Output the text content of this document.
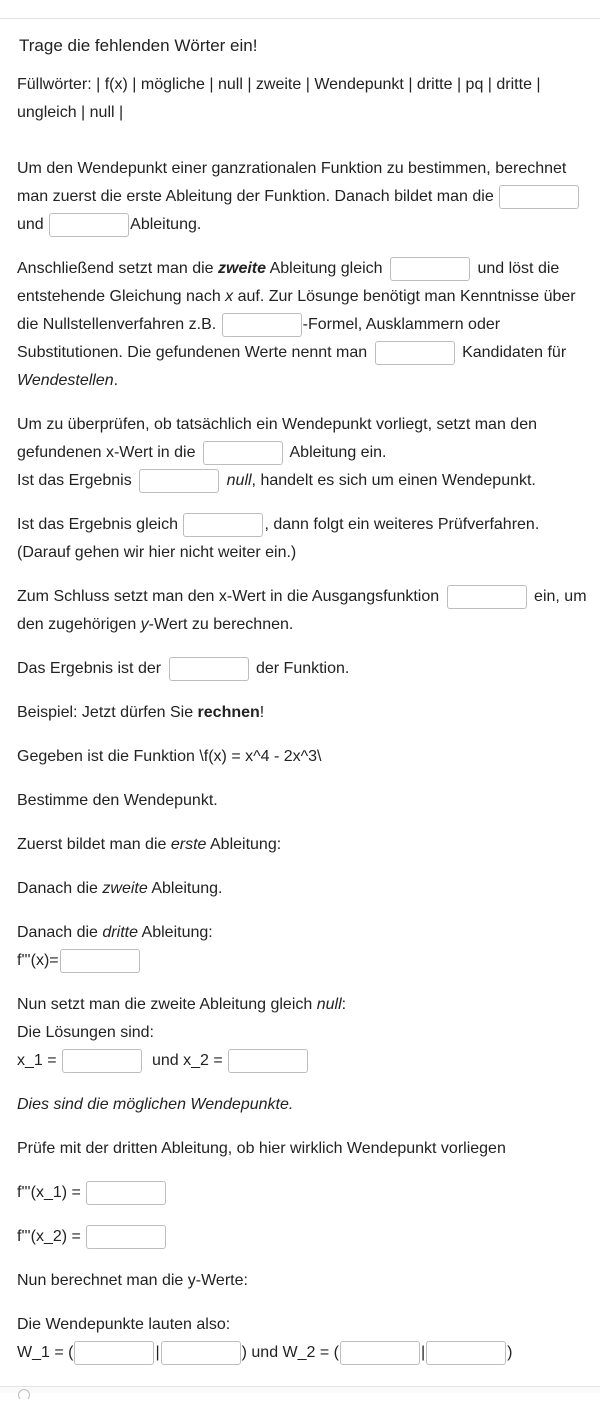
Trage die fehlenden Wörter ein!
Füllwörter: | f(x) | mögliche | null | zweite | Wendepunkt | dritte | pq | dritte | ungleich | null |
Um den Wendepunkt einer ganzrationalen Funktion zu bestimmen, berechnet man zuerst die erste Ableitung der Funktion. Danach bildet man die
und	Ableitung.
Anschließend setzt man die zweite Ableitung gleich	und löst die entstehende Gleichung nach x auf. Zur Lösunge benötigt man Kenntnisse über die Nullstellenverfahren z.B.	-Formel, Ausklammern oder Substitutionen. Die gefundenen Werte nennt man	Kandidaten für Wendestellen.
Um zu überprüfen, ob tatsächlich ein Wendepunkt vorliegt, setzt man den gefundenen x-Wert in die	Ableitung ein.
Ist das Ergebnis	null, handelt es sich um einen Wendepunkt.
Ist das Ergebnis gleich	, dann folgt ein weiteres Prüfverfahren.
(Darauf gehen wir hier nicht weiter ein.)
Zum Schluss setzt man den x-Wert in die Ausgangsfunktion	ein, um den zugehörigen y-Wert zu berechnen.
Das Ergebnis ist der	der Funktion.
Beispiel: Jetzt dürfen Sie rechnen!
Gegeben ist die Funktion \f(x) = x^4 - 2x^3\
Bestimme den Wendepunkt.
Zuerst bildet man die erste Ableitung:
Danach die zweite Ableitung.
Danach die dritte Ableitung:
f'''(x)=
Nun setzt man die zweite Ableitung gleich null:
Die Lösungen sind:
x_1 =	und x_2 =
Dies sind die möglichen Wendepunkte.
Prüfe mit der dritten Ableitung, ob hier wirklich Wendepunkt vorliegen
f'''(x_1) =
f'''(x_2) =
Nun berechnet man die y-Werte:
Die Wendepunkte lauten also:
W_1 = (	|	) und W_2 = (	|	)
